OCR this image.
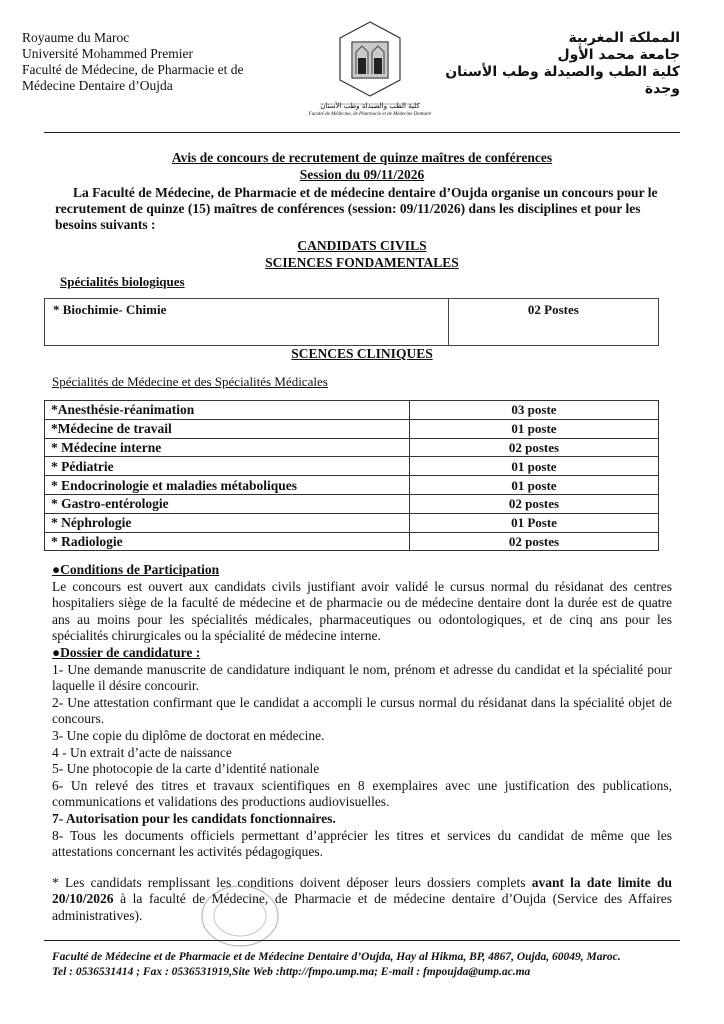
Royaume du Maroc
Université Mohammed Premier
Faculté de Médecine, de Pharmacie et de
Médecine Dentaire d’Oujda
كلية الطب والصيدلة وطب الأسنان
Faculté de Médecine, de Pharmacie et de Médecine Dentaire
المملكة المغربية
جامعة محمد الأول
كلية الطب والصيدلة وطب الأسنان
وجدة
Avis de concours de recrutement de quinze maîtres de conférences
Session du 09/11/2026
La Faculté de Médecine, de Pharmacie et de médecine dentaire d’Oujda organise un concours pour le recrutement de quinze (15) maîtres de conférences (session: 09/11/2026) dans les disciplines et pour les besoins suivants :
CANDIDATS CIVILS
SCIENCES FONDAMENTALES
Spécialités biologiques
* Biochimie- Chimie	02 Postes
SCENCES CLINIQUES
Spécialités de Médecine et des Spécialités Médicales
*Anesthésie-réanimation	03 poste
*Médecine de travail	01 poste
* Médecine interne	02 postes
* Pédiatrie	01 poste
* Endocrinologie et maladies métaboliques	01 poste
* Gastro-entérologie	02 postes
* Néphrologie	01 Poste
* Radiologie	02 postes

●Conditions de Participation

Le concours est ouvert aux candidats civils justifiant avoir validé le cursus normal du résidanat des centres hospitaliers siège de la faculté de médecine et de pharmacie ou de médecine dentaire dont la durée est de quatre ans au moins pour les spécialités médicales, pharmaceutiques ou odontologiques, et de cinq ans pour les spécialités chirurgicales ou la spécialité de médecine interne.

●Dossier de candidature :

1- Une demande manuscrite de candidature indiquant le nom, prénom et adresse du candidat et la spécialité pour laquelle il désire concourir.

2- Une attestation confirmant que le candidat a accompli le cursus normal du résidanat dans la spécialité objet de concours.

3- Une copie du diplôme de doctorat en médecine.

4 - Un extrait d’acte de naissance

5- Une photocopie de la carte d’identité nationale

6- Un relevé des titres et travaux scientifiques en 8 exemplaires avec une justification des publications, communications et validations des productions audiovisuelles.

7- Autorisation pour les candidats fonctionnaires.

8- Tous les documents officiels permettant d’apprécier les titres et services du candidat de même que les attestations concernant les activités pédagogiques.

* Les candidats remplissant les conditions doivent déposer leurs dossiers complets avant la date limite du 20/10/2026 à la faculté de Médecine, de Pharmacie et de médecine dentaire d’Oujda (Service des Affaires administratives).

Faculté de Médecine et de Pharmacie et de Médecine Dentaire d’Oujda, Hay al Hikma, BP, 4867, Oujda, 60049, Maroc.
Tel : 0536531414 ; Fax : 0536531919,Site Web :http://fmpo.ump.ma; E-mail : fmpoujda@ump.ac.ma
